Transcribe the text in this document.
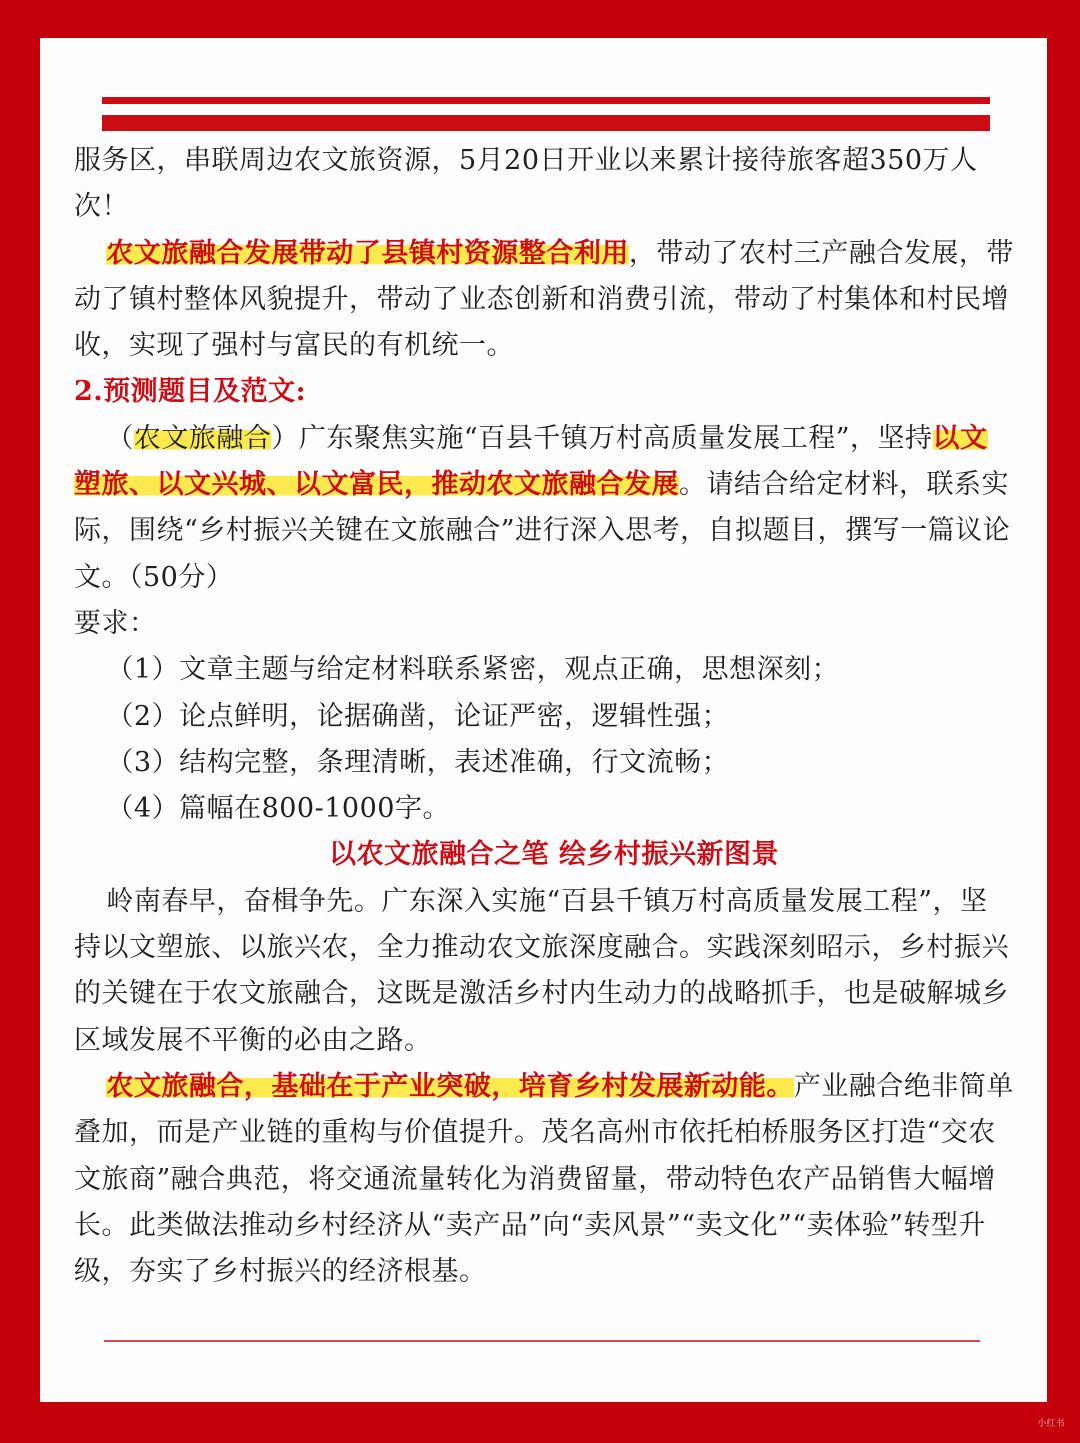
服务区，串联周边农文旅资源，5月20日开业以来累计接待旅客超350万人次！

农文旅融合发展带动了县镇村资源整合利用，带动了农村三产融合发展，带动了镇村整体风貌提升，带动了业态创新和消费引流，带动了村集体和村民增收，实现了强村与富民的有机统一。

2.预测题目及范文:

（农文旅融合）广东聚焦实施“百县千镇万村高质量发展工程”，坚持以文塑旅、以文兴城、以文富民，推动农文旅融合发展。请结合给定材料，联系实际，围绕“乡村振兴关键在文旅融合”进行深入思考，自拟题目，撰写一篇议论文。（50分）

要求：

（1）文章主题与给定材料联系紧密，观点正确，思想深刻；

（2）论点鲜明，论据确凿，论证严密，逻辑性强；

（3）结构完整，条理清晰，表述准确，行文流畅；

（4）篇幅在800-1000字。

以农文旅融合之笔 绘乡村振兴新图景

岭南春早，奋楫争先。广东深入实施“百县千镇万村高质量发展工程”，坚持以文塑旅、以旅兴农，全力推动农文旅深度融合。实践深刻昭示，乡村振兴的关键在于农文旅融合，这既是激活乡村内生动力的战略抓手，也是破解城乡区域发展不平衡的必由之路。

农文旅融合，基础在于产业突破，培育乡村发展新动能。产业融合绝非简单叠加，而是产业链的重构与价值提升。茂名高州市依托柏桥服务区打造“交农文旅商”融合典范，将交通流量转化为消费留量，带动特色农产品销售大幅增长。此类做法推动乡村经济从“卖产品”向“卖风景”“卖文化”“卖体验”转型升级，夯实了乡村振兴的经济根基。

小红书
